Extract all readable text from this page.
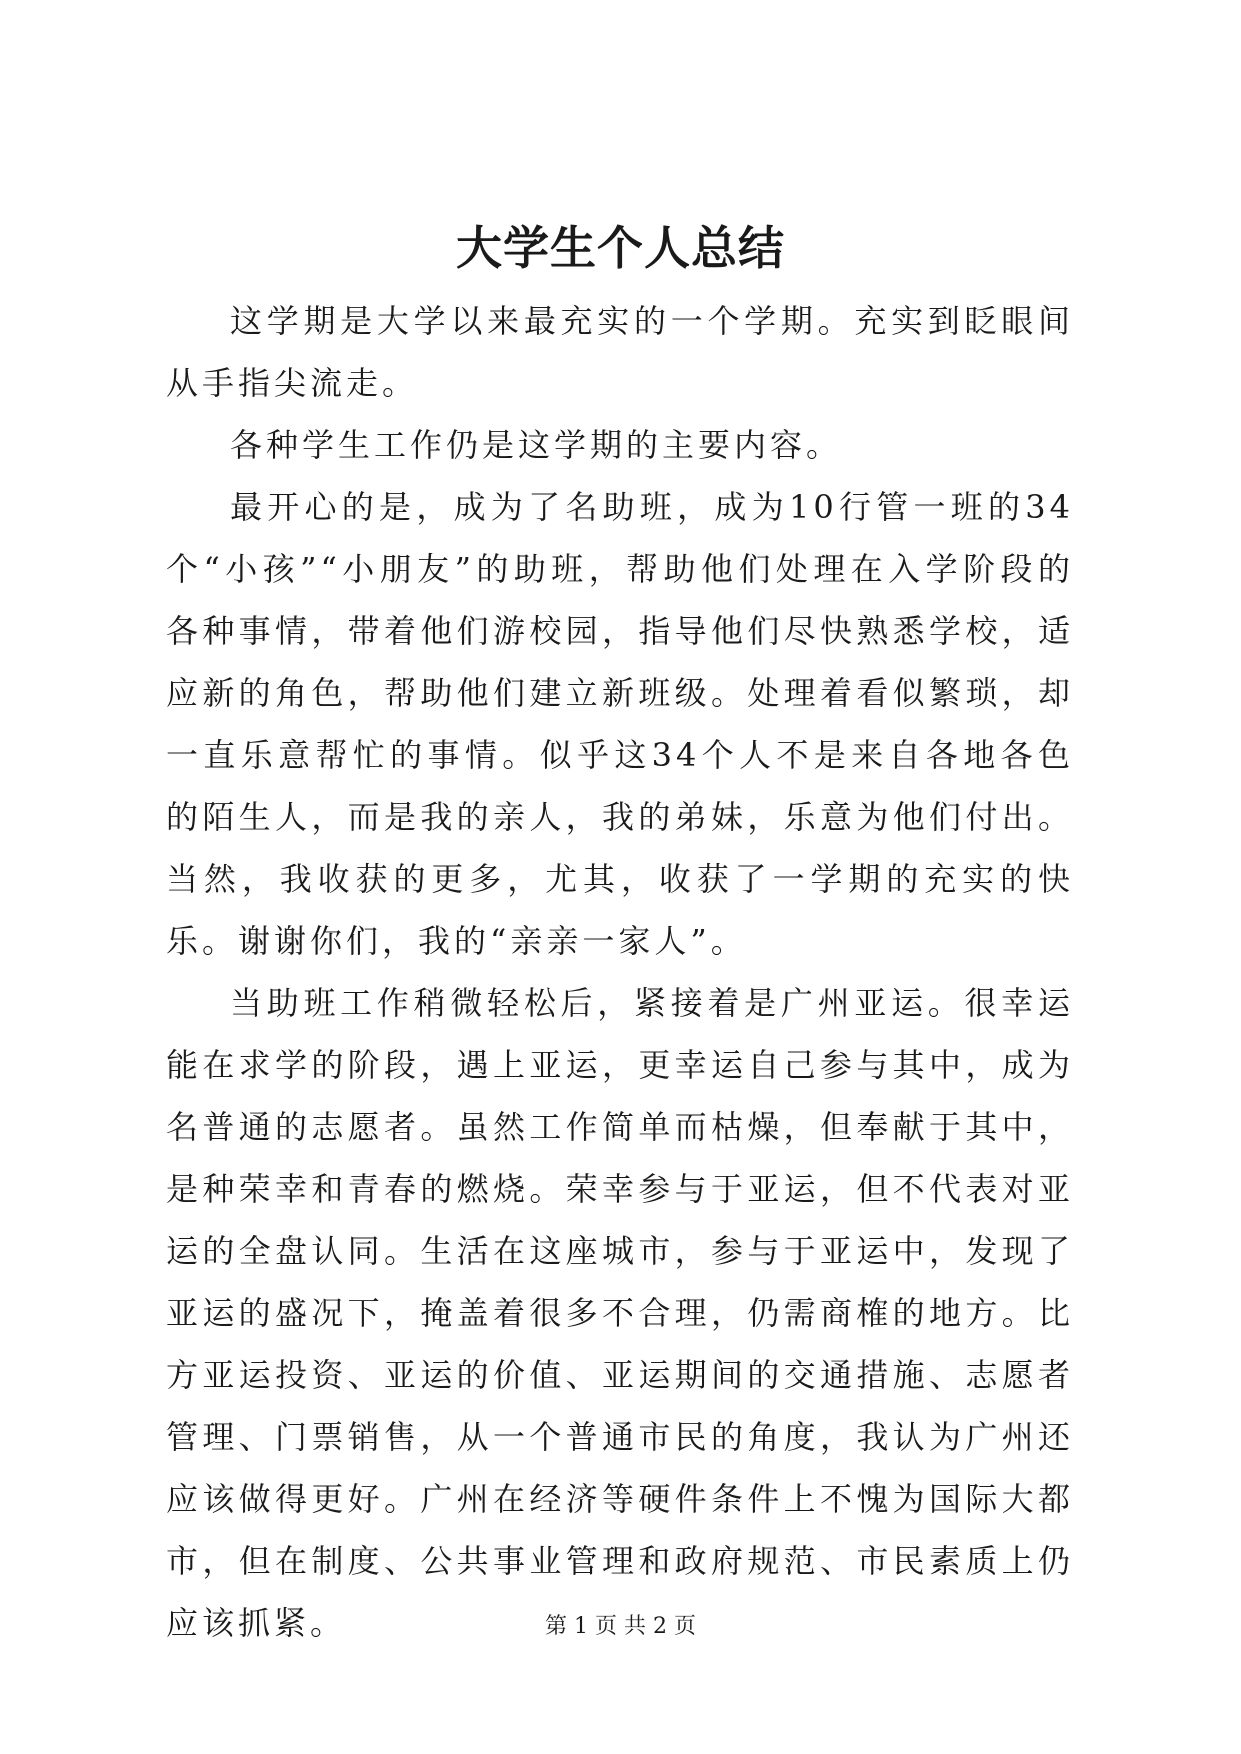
大学生个人总结

这学期是大学以来最充实的一个学期。充实到眨眼间从手指尖流走。

各种学生工作仍是这学期的主要内容。

最开心的是，成为了名助班，成为10行管一班的34个“小孩”“小朋友”的助班，帮助他们处理在入学阶段的各种事情，带着他们游校园，指导他们尽快熟悉学校，适应新的角色，帮助他们建立新班级。处理着看似繁琐，却一直乐意帮忙的事情。似乎这34个人不是来自各地各色的陌生人，而是我的亲人，我的弟妹，乐意为他们付出。当然，我收获的更多，尤其，收获了一学期的充实的快乐。谢谢你们，我的“亲亲一家人”。

当助班工作稍微轻松后，紧接着是广州亚运。很幸运能在求学的阶段，遇上亚运，更幸运自己参与其中，成为名普通的志愿者。虽然工作简单而枯燥，但奉献于其中，是种荣幸和青春的燃烧。荣幸参与于亚运，但不代表对亚运的全盘认同。生活在这座城市，参与于亚运中，发现了亚运的盛况下，掩盖着很多不合理，仍需商榷的地方。比方亚运投资、亚运的价值、亚运期间的交通措施、志愿者管理、门票销售，从一个普通市民的角度，我认为广州还应该做得更好。广州在经济等硬件条件上不愧为国际大都市，但在制度、公共事业管理和政府规范、市民素质上仍应该抓紧。	第 1 页 共 2 页
